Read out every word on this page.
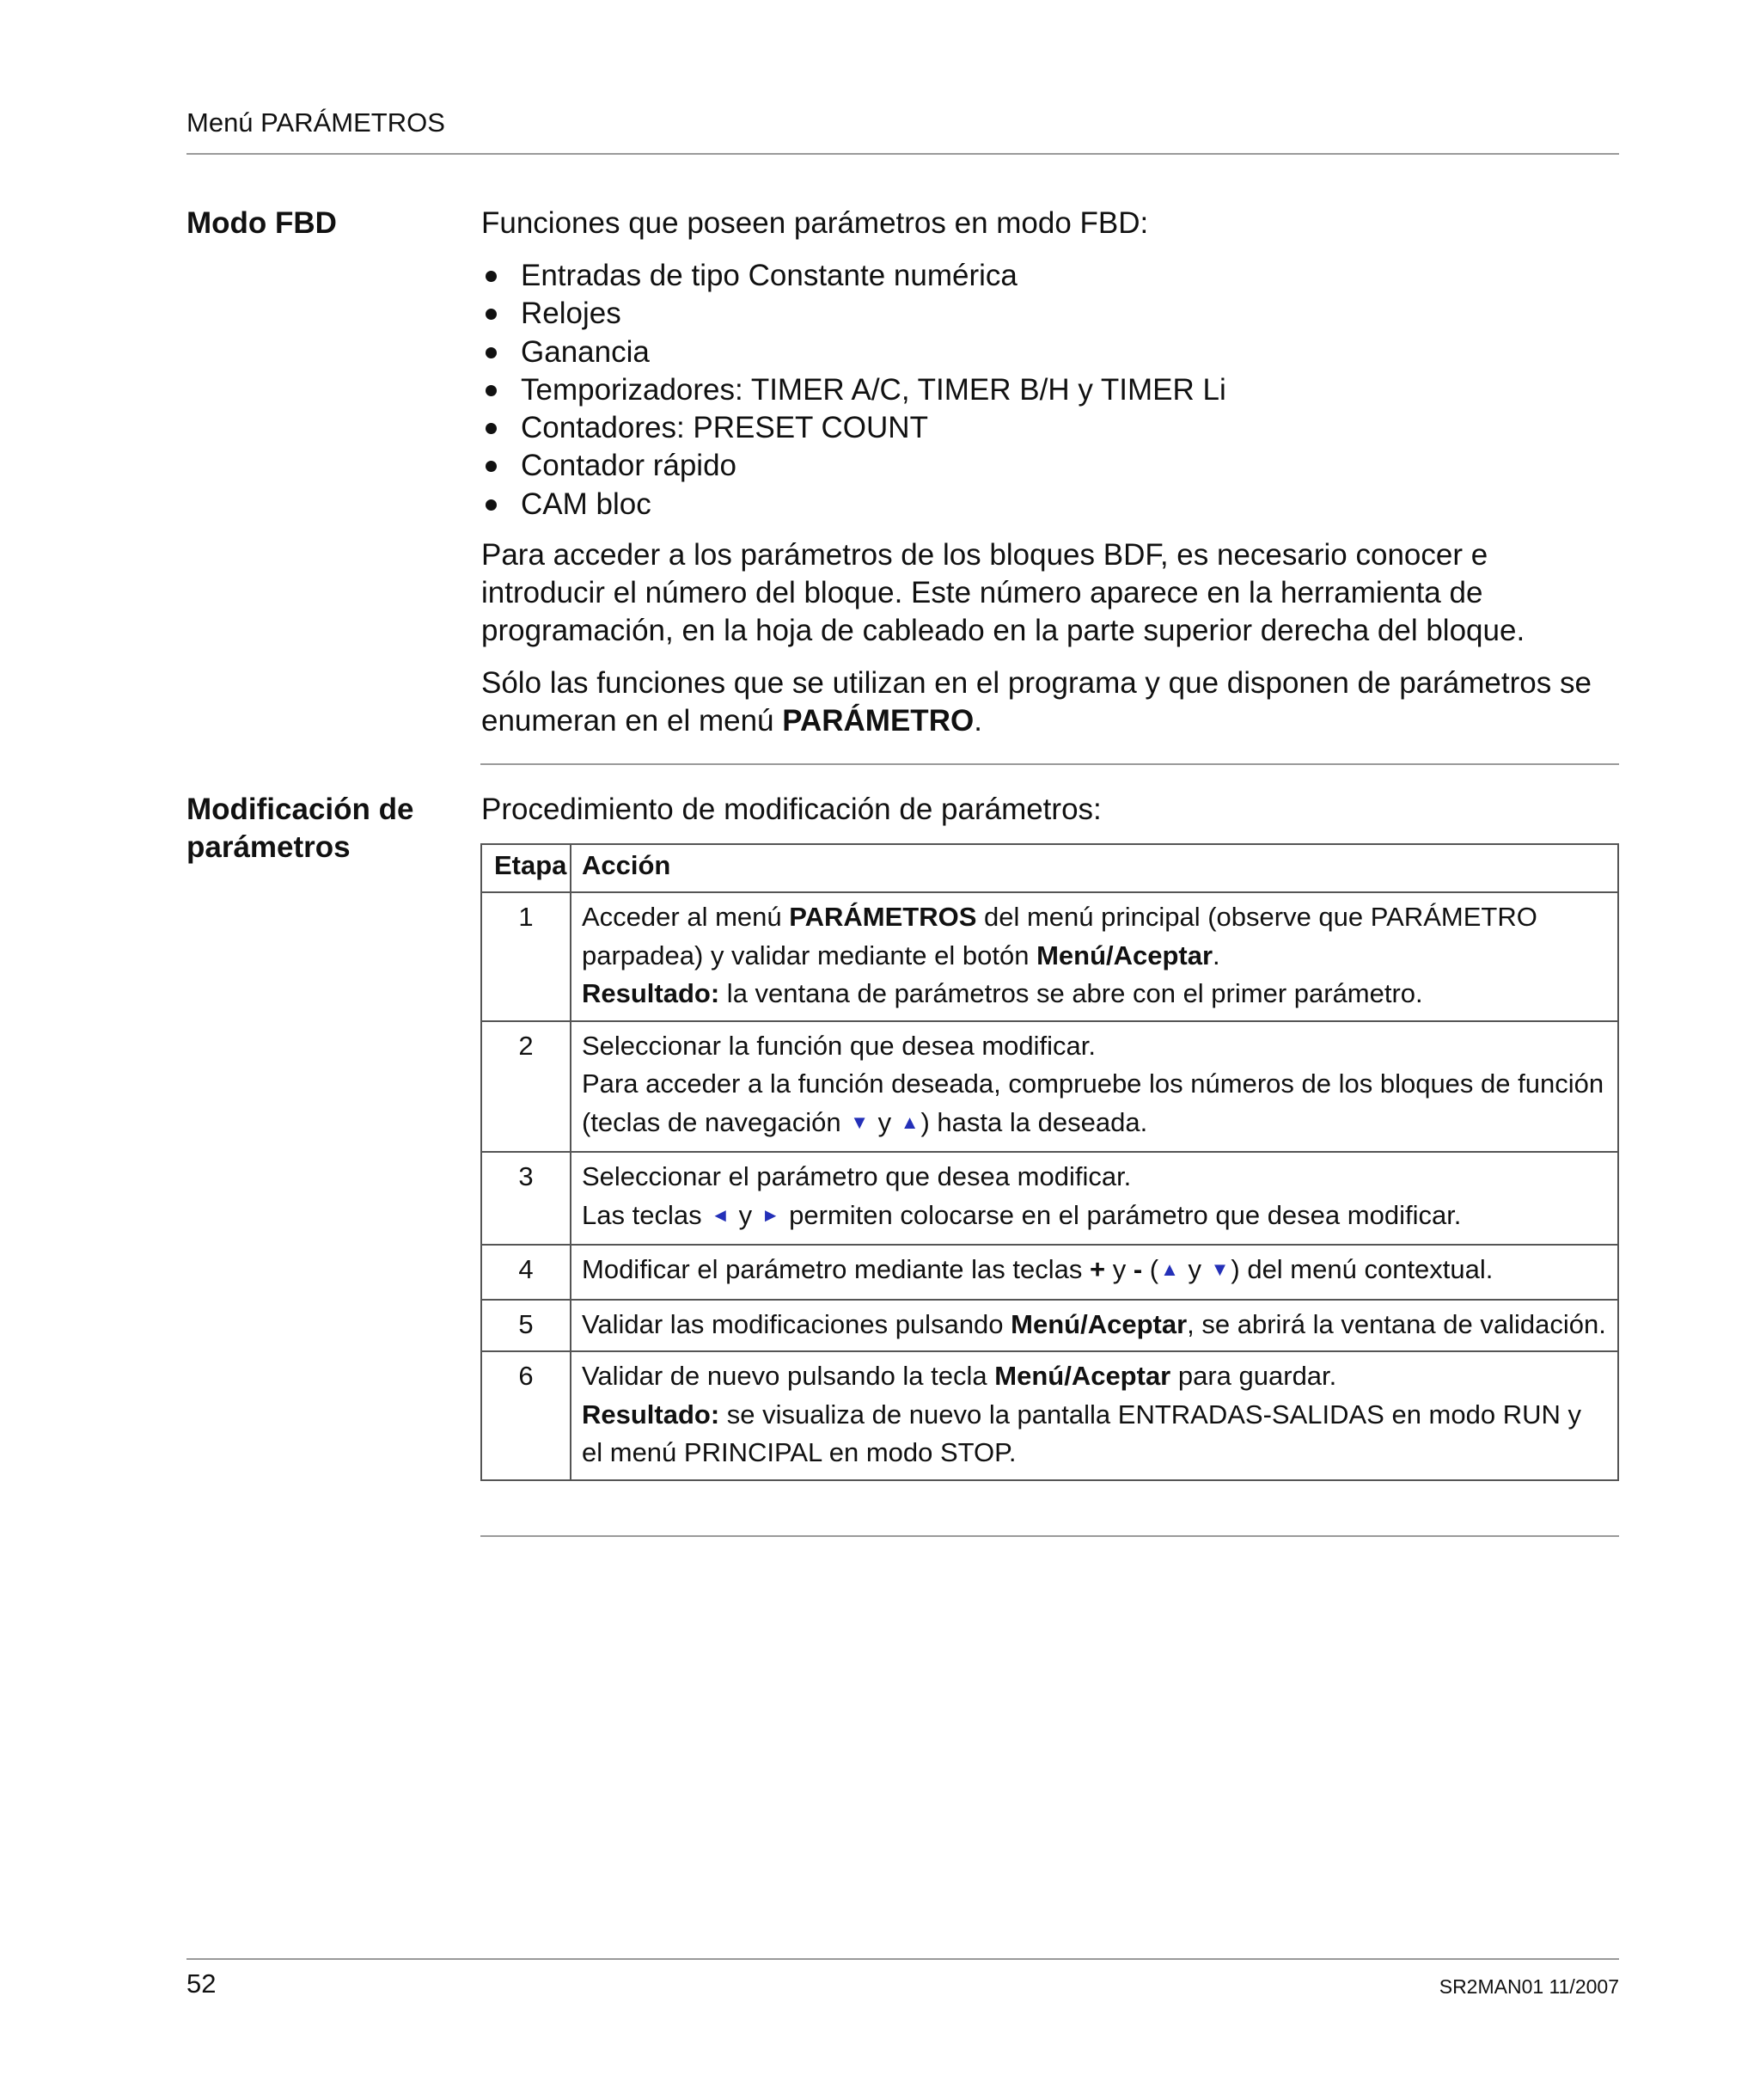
Menú PARÁMETROS
Modo FBD	Funciones que poseen parámetros en modo FBD:
Entradas de tipo Constante numérica
Relojes
Ganancia
Temporizadores: TIMER A/C, TIMER B/H y TIMER Li
Contadores: PRESET COUNT
Contador rápido
CAM bloc
Para acceder a los parámetros de los bloques BDF, es necesario conocer e introducir el número del bloque. Este número aparece en la herramienta de programación, en la hoja de cableado en la parte superior derecha del bloque.
Sólo las funciones que se utilizan en el programa y que disponen de parámetros se enumeran en el menú PARÁMETRO.
Modificación de parámetros
Procedimiento de modificación de parámetros:
Etapa	Acción
1	Acceder al menú PARÁMETROS del menú principal (observe que PARÁMETRO parpadea) y validar mediante el botón Menú/Aceptar.
Resultado: la ventana de parámetros se abre con el primer parámetro.
2	Seleccionar la función que desea modificar.
Para acceder a la función deseada, compruebe los números de los bloques de función (teclas de navegación ▼ y ▲) hasta la deseada.
3	Seleccionar el parámetro que desea modificar.
Las teclas ◄ y ► permiten colocarse en el parámetro que desea modificar.
4	Modificar el parámetro mediante las teclas + y - (▲ y ▼) del menú contextual.
5	Validar las modificaciones pulsando Menú/Aceptar, se abrirá la ventana de validación.
6	Validar de nuevo pulsando la tecla Menú/Aceptar para guardar.
Resultado: se visualiza de nuevo la pantalla ENTRADAS-SALIDAS en modo RUN y el menú PRINCIPAL en modo STOP.
52	SR2MAN01 11/2007
